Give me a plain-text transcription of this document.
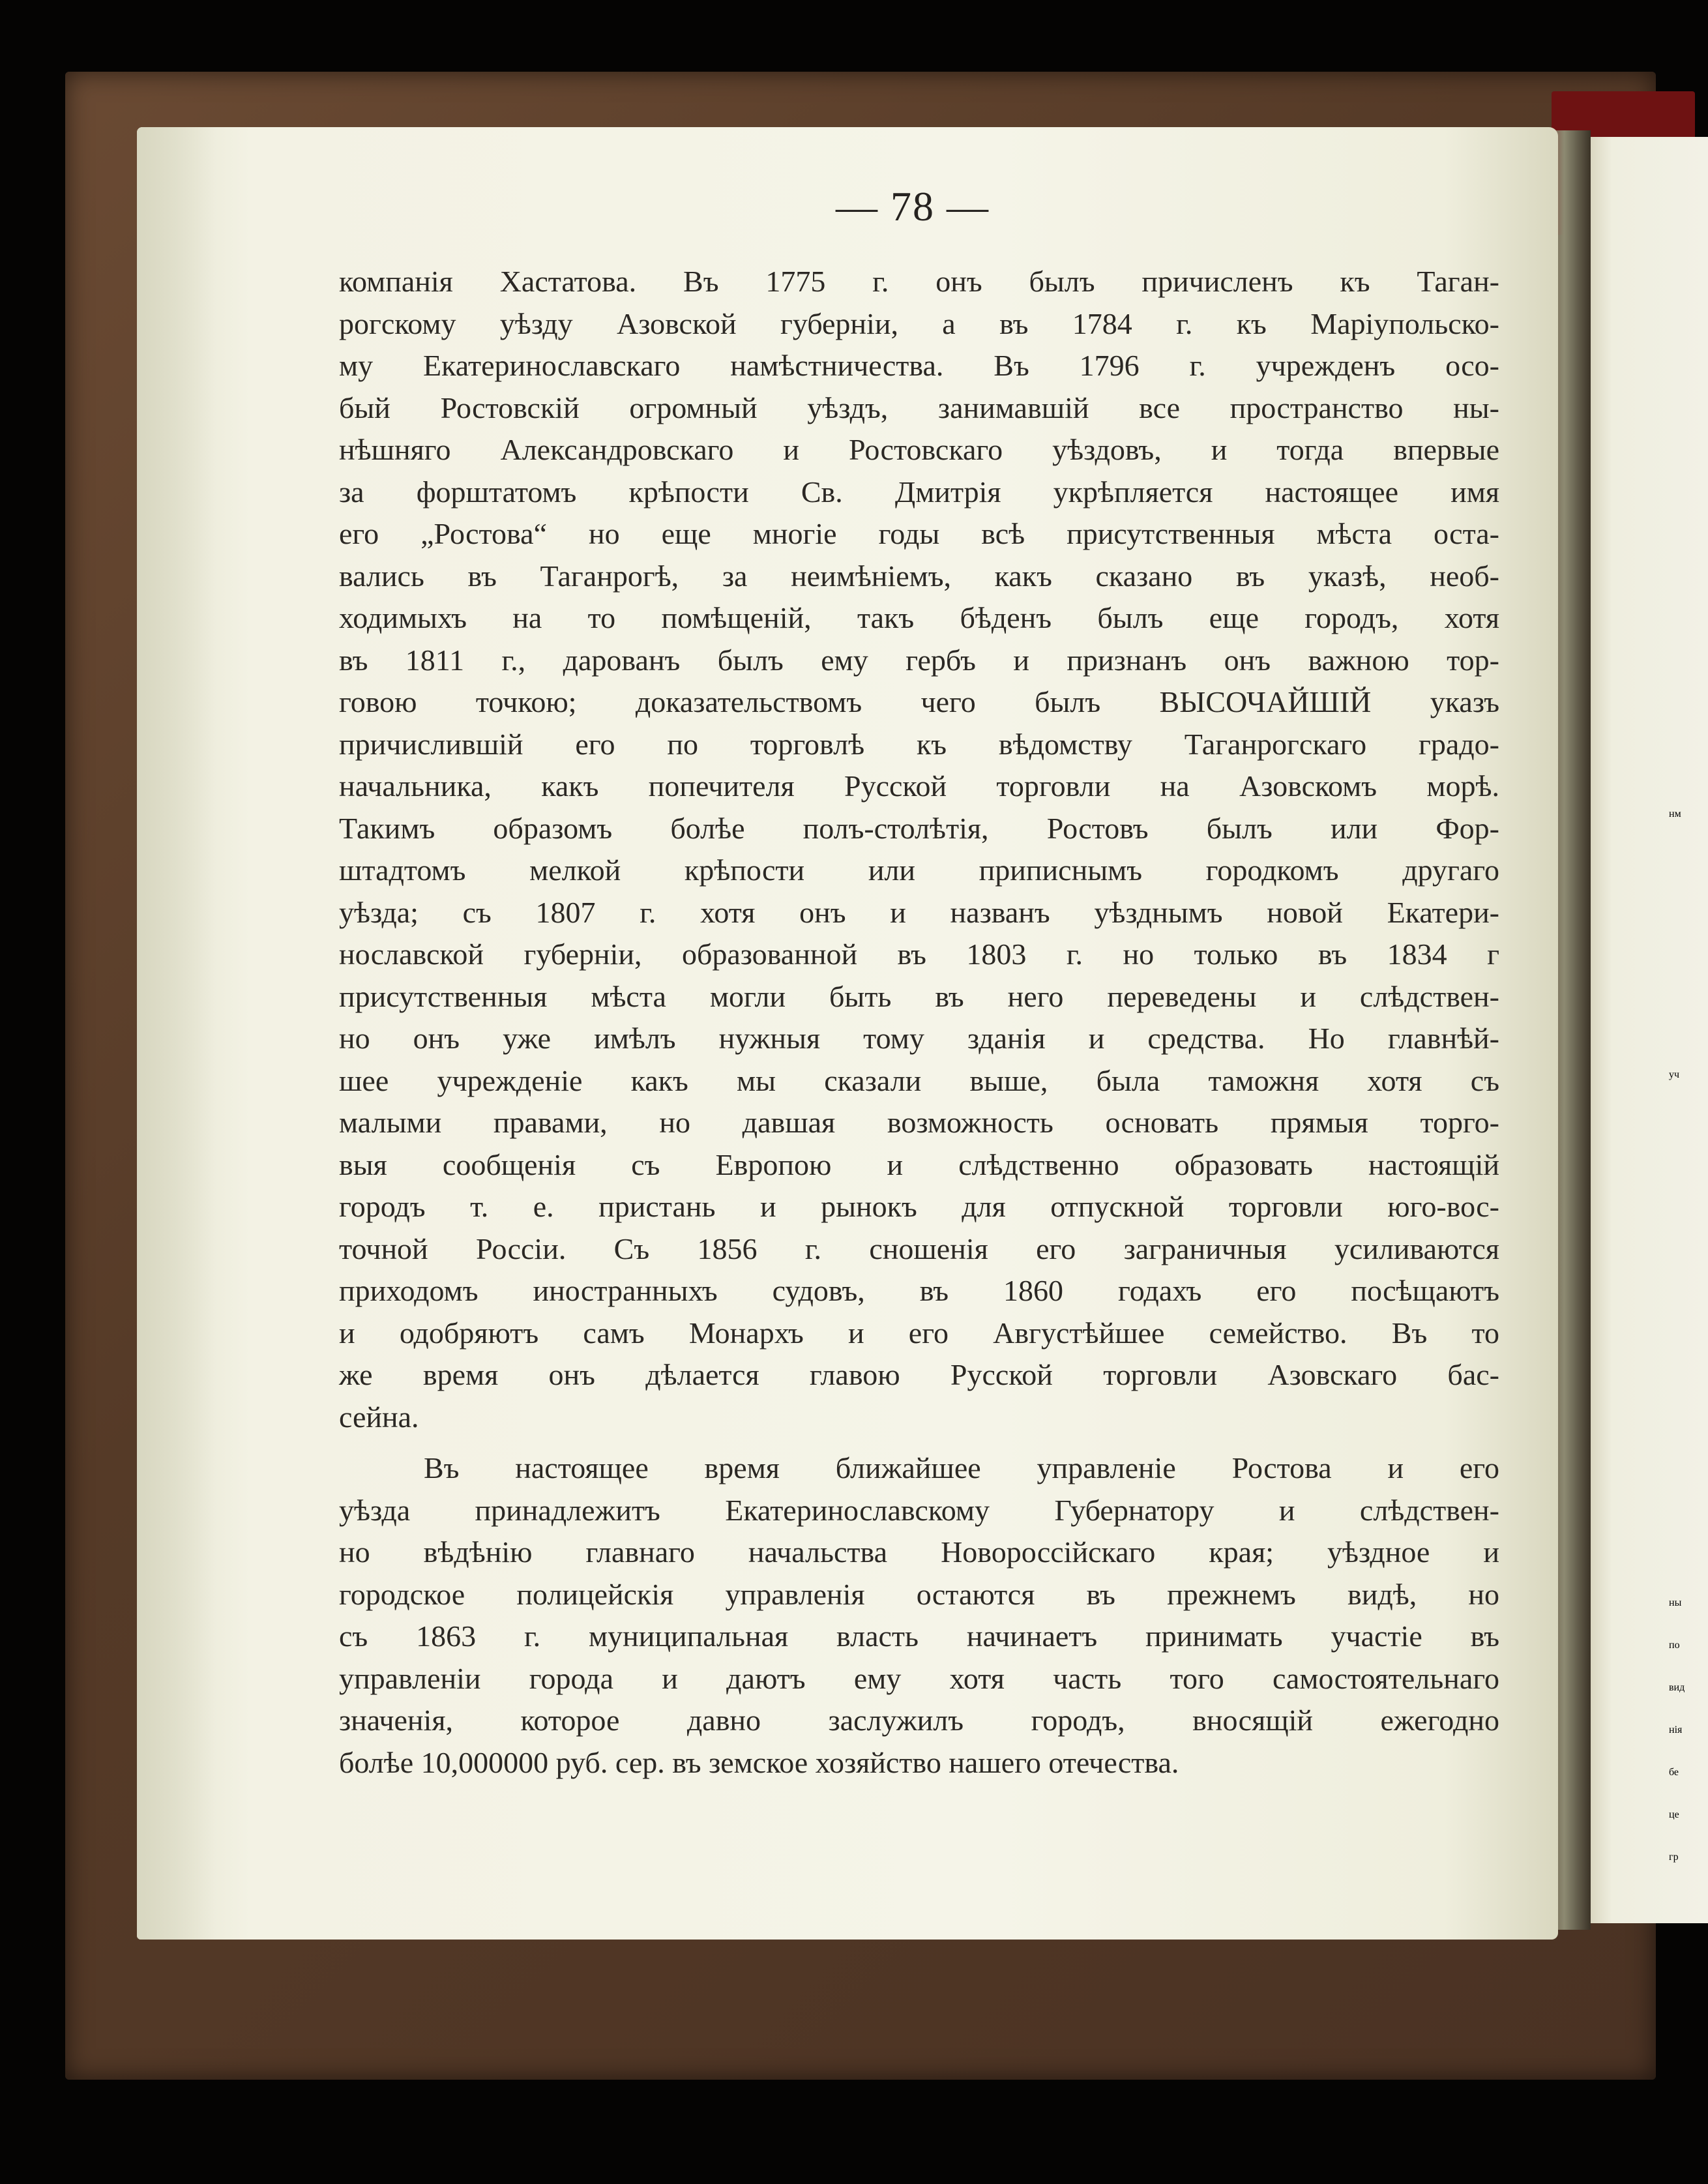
нм
уч
ны
по
вид
нія
бе
це
гр
— 78 —
компанія Хастатова. Въ 1775 г. онъ былъ причисленъ къ Таган-
рогскому уѣзду Азовской губерніи, а въ 1784 г. къ Маріупольско-
му Екатеринославскаго намѣстничества. Въ 1796 г. учрежденъ осо-
бый Ростовскій огромный уѣздъ, занимавшій все пространство ны-
нѣшняго Александровскаго и Ростовскаго уѣздовъ, и тогда впервые
за форштатомъ крѣпости Св. Дмитрія укрѣпляется настоящее имя
его „Ростова“ но еще многіе годы всѣ присутственныя мѣста оста-
вались въ Таганрогѣ, за неимѣніемъ, какъ сказано въ указѣ, необ-
ходимыхъ на то помѣщеній, такъ бѣденъ былъ еще городъ, хотя
въ 1811 г., дарованъ былъ ему гербъ и признанъ онъ важною тор-
говою точкою; доказательствомъ чего былъ ВЫСОЧАЙШІЙ указъ
причислившій его по торговлѣ къ вѣдомству Таганрогскаго градо-
начальника, какъ попечителя Русской торговли на Азовскомъ морѣ.
Такимъ образомъ болѣе полъ-столѣтія, Ростовъ былъ или Фор-
штадтомъ мелкой крѣпости или приписнымъ городкомъ другаго
уѣзда; съ 1807 г. хотя онъ и названъ уѣзднымъ новой Екатери-
нославской губерніи, образованной въ 1803 г. но только въ 1834 г
присутственныя мѣста могли быть въ него переведены и слѣдствен-
но онъ уже имѣлъ нужныя тому зданія и средства. Но главнѣй-
шее учрежденіе какъ мы сказали выше, была таможня хотя съ
малыми правами, но давшая возможность основать прямыя торго-
выя сообщенія съ Европою и слѣдственно образовать настоящій
городъ т. е. пристань и рынокъ для отпускной торговли юго-вос-
точной Россіи. Съ 1856 г. сношенія его заграничныя усиливаются
приходомъ иностранныхъ судовъ, въ 1860 годахъ его посѣщаютъ
и одобряютъ самъ Монархъ и его Августѣйшее семейство. Въ то
же время онъ дѣлается главою Русской торговли Азовскаго бас-
сейна.
Въ настоящее время ближайшее управленіе Ростова и его
уѣзда принадлежитъ Екатеринославскому Губернатору и слѣдствен-
но вѣдѣнію главнаго начальства Новороссійскаго края; уѣздное и
городское полицейскія управленія остаются въ прежнемъ видѣ, но
съ 1863 г. муниципальная власть начинаетъ принимать участіе въ
управленіи города и даютъ ему хотя часть того самостоятельнаго
значенія, которое давно заслужилъ городъ, вносящій ежегодно
болѣе 10,000000 руб. сер. въ земское хозяйство нашего отечества.
